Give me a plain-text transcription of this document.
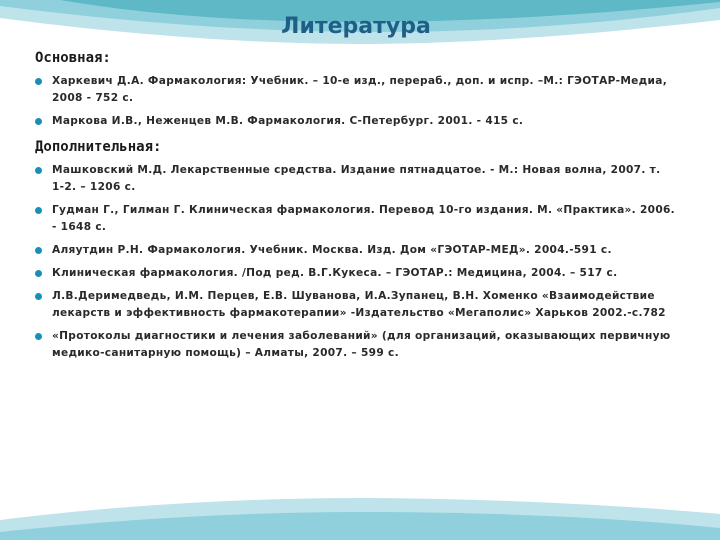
Литература
Основная:
Харкевич Д.А. Фармакология: Учебник. – 10-е изд., перераб., доп. и испр. –М.: ГЭОТАР-Медиа, 2008 - 752 с.
Маркова И.В., Неженцев М.В. Фармакология. С-Петербург. 2001. - 415 с.
Дополнительная:
Машковский М.Д. Лекарственные средства. Издание пятнадцатое. - М.: Новая волна, 2007. т. 1-2. – 1206 с.
Гудман Г., Гилман Г. Клиническая фармакология. Перевод 10-го издания. М. «Практика». 2006. - 1648 с.
Аляутдин Р.Н. Фармакология. Учебник. Москва. Изд. Дом «ГЭОТАР-МЕД». 2004.-591 с.
Клиническая фармакология. /Под ред. В.Г.Кукеса. – ГЭОТАР.: Медицина, 2004. – 517 с.
Л.В.Деримедведь, И.М. Перцев, Е.В. Шуванова, И.А.Зупанец, В.Н. Хоменко «Взаимодействие лекарств и эффективность фармакотерапии» -Издательство «Мегаполис» Харьков 2002.-с.782
«Протоколы диагностики и лечения заболеваний» (для организаций, оказывающих первичную медико-санитарную помощь) – Алматы, 2007. – 599 с.
